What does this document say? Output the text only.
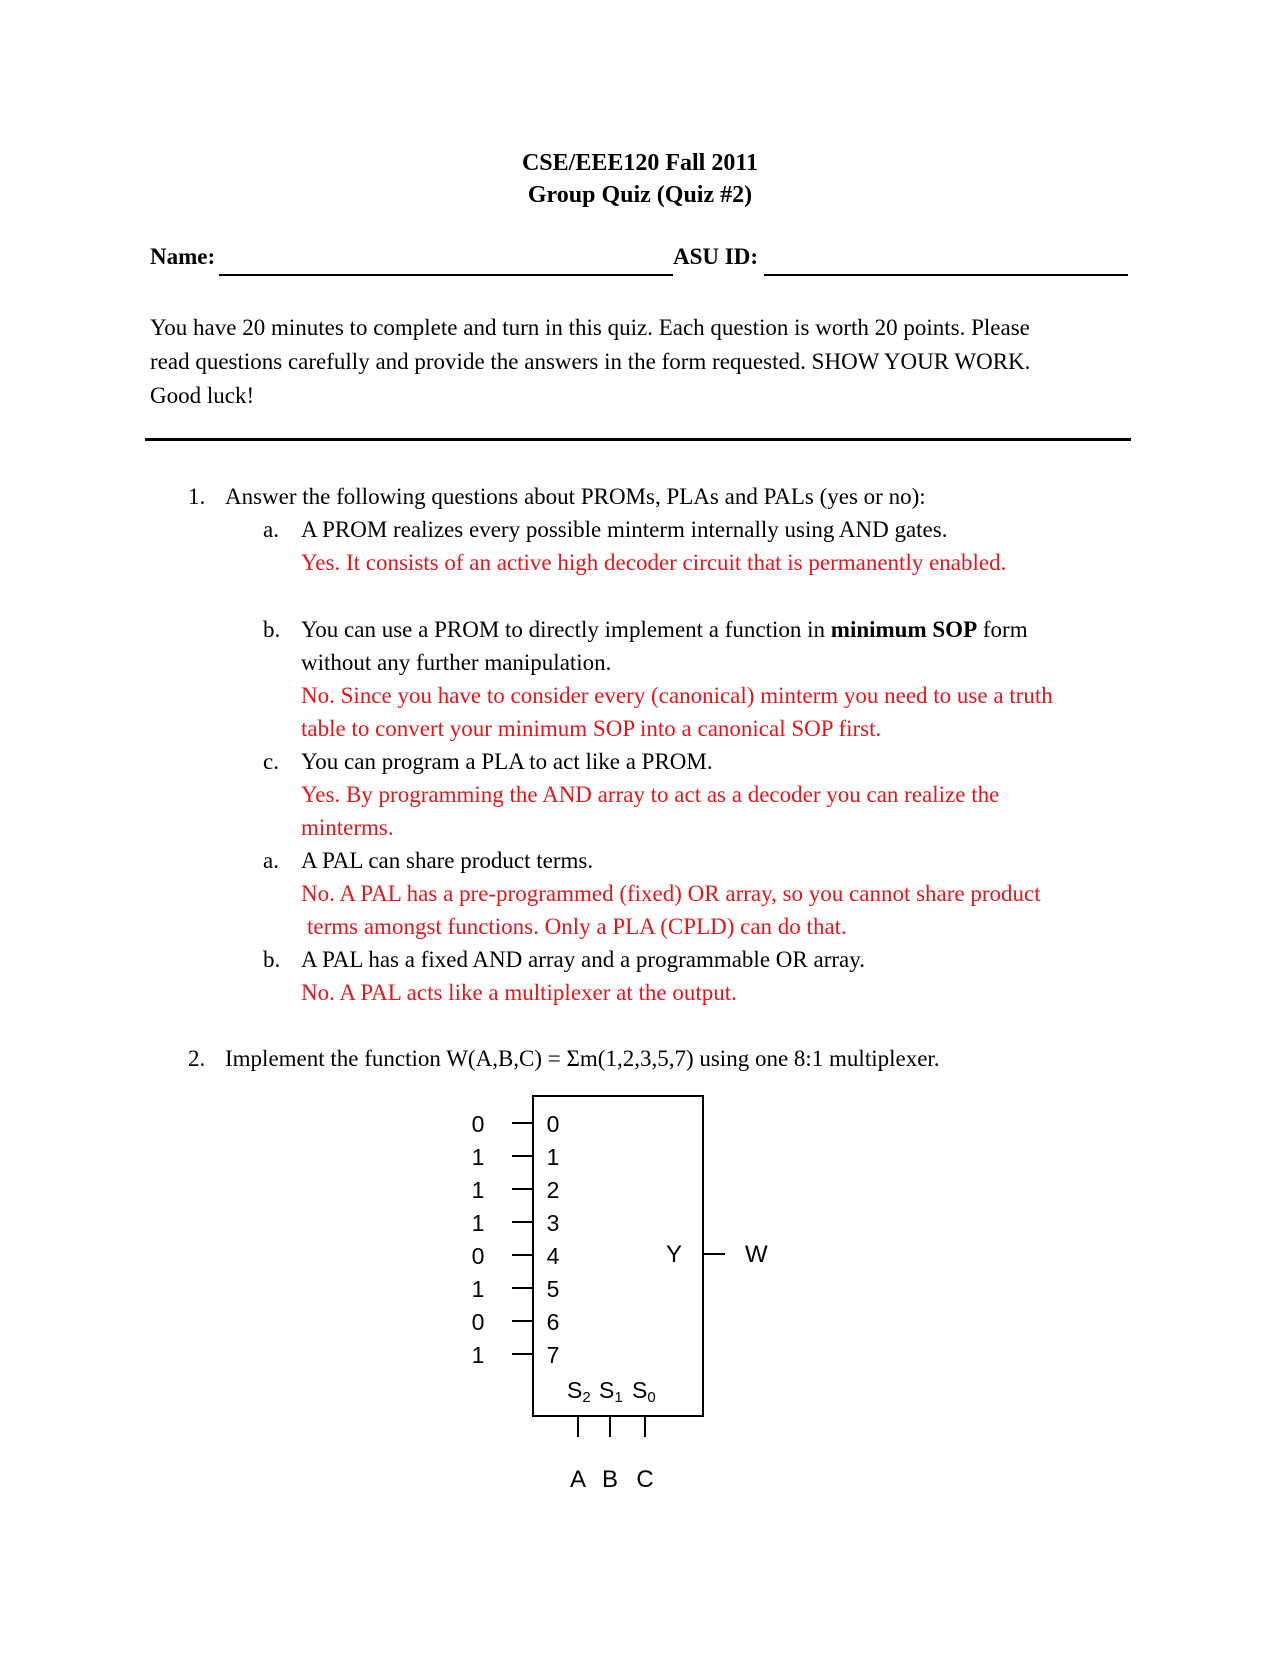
CSE/EEE120 Fall 2011
Group Quiz (Quiz #2)
Name:	ASU ID:
You have 20 minutes to complete and turn in this quiz. Each question is worth 20 points. Please
read questions carefully and provide the answers in the form requested. SHOW YOUR WORK.
Good luck!
1. Answer the following questions about PROMs, PLAs and PALs (yes or no):
a. A PROM realizes every possible minterm internally using AND gates.
Yes. It consists of an active high decoder circuit that is permanently enabled.
b. You can use a PROM to directly implement a function in minimum SOP form
without any further manipulation.
No. Since you have to consider every (canonical) minterm you need to use a truth
table to convert your minimum SOP into a canonical SOP first.
c. You can program a PLA to act like a PROM.
Yes. By programming the AND array to act as a decoder you can realize the
minterms.
a. A PAL can share product terms.
No. A PAL has a pre-programmed (fixed) OR array, so you cannot share product
terms amongst functions. Only a PLA (CPLD) can do that.
b. A PAL has a fixed AND array and a programmable OR array.
No. A PAL acts like a multiplexer at the output.
2. Implement the function W(A,B,C) = Σm(1,2,3,5,7) using one 8:1 multiplexer.
0
1
1
1
0
1
0
1
0
1
2
3
4
5
6
7
Y	W
S2 S1 S0
A B C
